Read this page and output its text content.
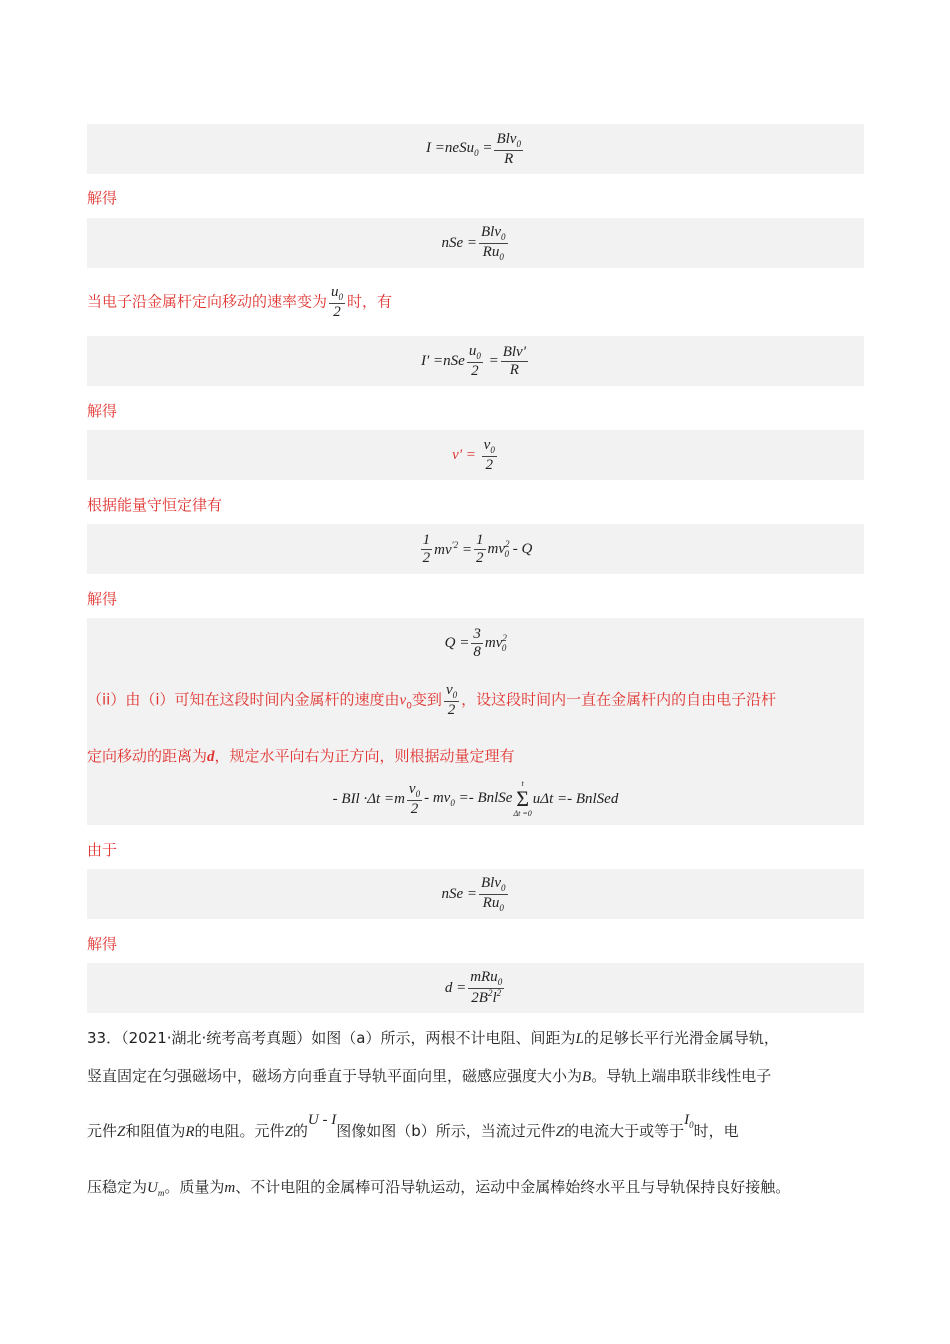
I =neSu$_0$ = $\frac{Blv_0}{R}$
解得
nSe = $\frac{Blv_0}{Ru_0}$
当电子沿金属杆定向移动的速率变为 $\frac{u_0}{2}$ 时，有
$I' =nSe \frac{u_0}{2} = \frac{\text{Blv′}}{R}$
解得
$v' = \frac{v_0}{2}$
根据能量守恒定律有
$\frac{1}{2} mv^{'2} = \frac{1}{2} mv^2_0 - Q$
解得
$Q = \frac{3}{8} mv^2_0$
（ii）由（i）可知在这段时间内金属杆的速度由$v_0$变到 $\frac{v_0}{2}$ ，设这段时间内一直在金属杆内的自由电子沿杆
定向移动的距离为d，规定水平向右为正方向，则根据动量定理有
- BIl $\cdot\Delta t =m \frac{v_0}{2} - mv_0$ =- BnlSe
t
Σ
Δt =0
uΔt =- BnlSed
由于
nSe = $\frac{Blv_0}{Ru_0}$
解得
$d = \frac{mRu_0}{2B^2l^2}$
33．（2021·湖北·统考高考真题）如图（a）所示，两根不计电阻、间距为L的足够长平行光滑金属导轨，
竖直固定在匀强磁场中，磁场方向垂直于导轨平面向里，磁感应强度大小为B。导轨上端串联非线性电子
元件Z和阻值为R的电阻。元件Z的U - I图像如图（b）所示，当流过元件Z的电流大于或等于$I_0$时，电
压稳定为$U_m$。质量为m、不计电阻的金属棒可沿导轨运动，运动中金属棒始终水平且与导轨保持良好接触。
